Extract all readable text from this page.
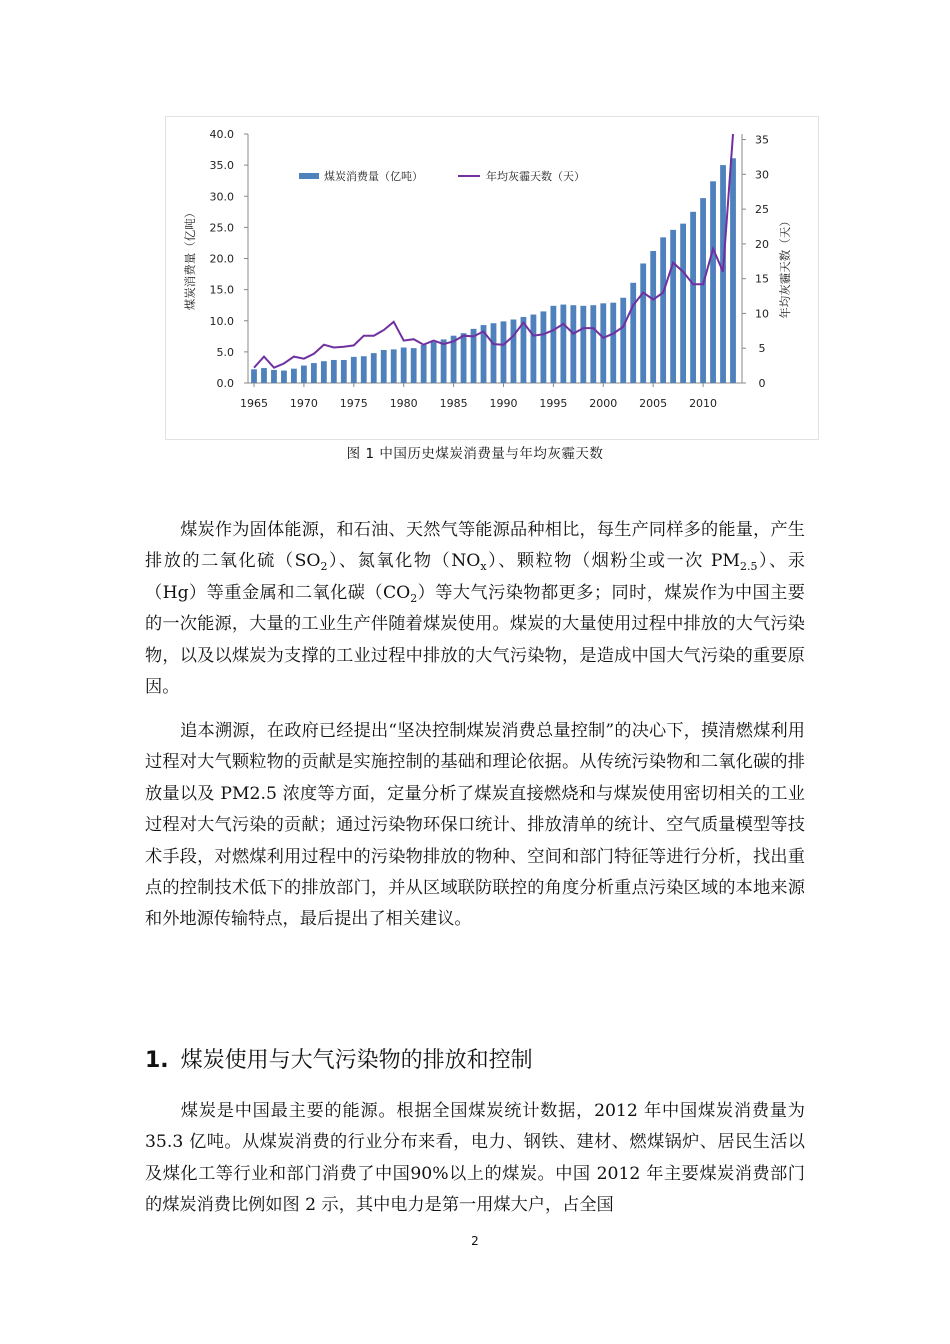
40.0
35.0
30.0
25.0
20.0
15.0
10.0
5.0
0.0
35
30
25
20
15
10
5
0
1965 1970 1975 1980 1985 1990 1995 2000 2005 2010
煤炭消费量（亿吨）	年均灰霾天数（天）
煤炭消费量（亿吨）	年均灰霾天数（天）
图 1 中国历史煤炭消费量与年均灰霾天数

煤炭作为固体能源，和石油、天然气等能源品种相比，每生产同样多的能量，产生排放的二氧化硫$(SO_2)$、氮氧化物$(NO_x)$、颗粒物（烟粉尘或一次 $PM_{2.5}$）、汞（Hg）等重金属和二氧化碳$(CO_2)$等大气污染物都更多；同时，煤炭作为中国主要的一次能源，大量的工业生产伴随着煤炭使用。煤炭的大量使用过程中排放的大气污染物，以及以煤炭为支撑的工业过程中排放的大气污染物，是造成中国大气污染的重要原因。

追本溯源，在政府已经提出“坚决控制煤炭消费总量控制”的决心下，摸清燃煤利用过程对大气颗粒物的贡献是实施控制的基础和理论依据。从传统污染物和二氧化碳的排放量以及 PM2.5 浓度等方面，定量分析了煤炭直接燃烧和与煤炭使用密切相关的工业过程对大气污染的贡献；通过污染物环保口统计、排放清单的统计、空气质量模型等技术手段，对燃煤利用过程中的污染物排放的物种、空间和部门特征等进行分析，找出重点的控制技术低下的排放部门，并从区域联防联控的角度分析重点污染区域的本地来源和外地源传输特点，最后提出了相关建议。

1. 煤炭使用与大气污染物的排放和控制

煤炭是中国最主要的能源。根据全国煤炭统计数据，2012 年中国煤炭消费量为 35.3 亿吨。从煤炭消费的行业分布来看，电力、钢铁、建材、燃煤锅炉、居民生活以及煤化工等行业和部门消费了中国90%以上的煤炭。中国 2012 年主要煤炭消费部门的煤炭消费比例如图 2 示，其中电力是第一用煤大户，占全国

2
